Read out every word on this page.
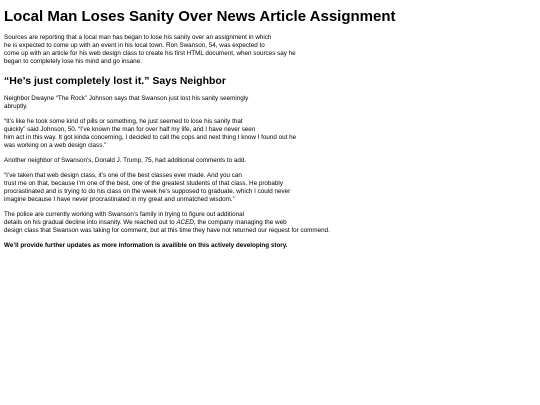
Local Man Loses Sanity Over News Article Assignment

Sources are reporting that a local man has began to lose his sanity over an assignment in which
he is expected to come up with an event in his local town. Ron Swanson, 54, was expected to
come up with an article for his web design class to create his first HTML document, when sources say he
began to completely lose his mind and go insane.

“He’s just completely lost it.” Says Neighbor

Neighbor Dwayne “The Rock” Johnson says that Swanson just lost his sanity seemingly
abruptly.

“It’s like he took some kind of pills or something, he just seemed to lose his sanity that
quickly” said Johnson, 50. “I’ve known the man for over half my life, and I have never seen
him act in this way. It got kinda concerning, I decided to call the cops and next thing I know I found out he
was working on a web design class.”

Another neighbor of Swanson’s, Donald J. Trump, 75, had additional comments to add.

“I’ve taken that web design class, it’s one of the best classes ever made. And you can
trust me on that, because I’m one of the best, one of the greatest students of that class. He probably
procrastinated and is trying to do his class on the week he’s supposed to graduate, which I could never
imagine because I have never procrastinated in my great and unmatched wisdom.”

The police are currently working with Swanson’s family in trying to figure out additional
details on his gradual decline into insanity. We reached out to ACED, the company managing the web
design class that Swanson was taking for comment, but at this time they have not returned our request for commend.

We’ll provide further updates as more information is availible on this actively developing story.
